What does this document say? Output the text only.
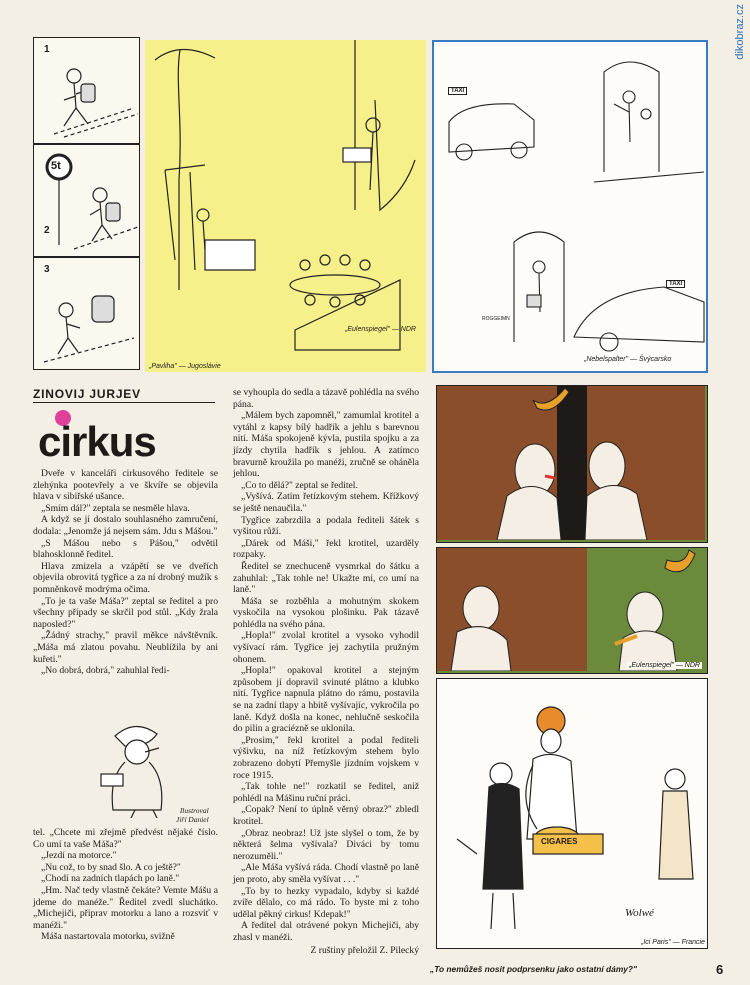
dikobraz.cz
1
2
5t
3
„Pavliha" — Jugoslávie
„Eulenspiegel" — NDR
TAXI
TAXI
ROGGEIMN
„Nebelspalter" — Švýcarsko
ZINOVIJ JURJEV
cirkus

Dveře v kanceláři cirkusového ředitele se zlehýnka pootevřely a ve škvíře se objevila hlava v sibiřské ušance.

„Smím dál?" zeptala se nesměle hlava.

A když se jí dostalo souhlasného zamručení, dodala: „Jenomže já nejsem sám. Jdu s Mášou."

„S Mášou nebo s Pášou," odvětil blahosklonně ředitel.

Hlava zmizela a vzápětí se ve dveřích objevila obrovitá tygřice a za ní drobný mužík s pomněnkově modrýma očima.

„To je ta vaše Máša?" zeptal se ředitel a pro všechny případy se skrčil pod stůl. „Kdy žrala naposled?"

„Žádný strachy," pravil měkce návštěvník. „Máša má zlatou povahu. Neublížila by ani kuřeti."

„No dobrá, dobrá," zahuhlal ředi-

Ilustroval
Jiří Daniel

tel. „Chcete mi zřejmě předvést nějaké číslo. Co umí ta vaše Máša?"

„Jezdí na motorce."

„Nu což, to by snad šlo. A co ještě?"

„Chodí na zadních tlapách po laně."

„Hm. Nač tedy vlastně čekáte? Vemte Mášu a jdeme do manéže." Ředitel zvedl sluchátko. „Michejiči, připrav motorku a lano a rozsviť v manéži."

Máša nastartovala motorku, svižně

se vyhoupla do sedla a tázavě pohlédla na svého pána.

„Málem bych zapomněl," zamumlal krotitel a vytáhl z kapsy bílý hadřík a jehlu s barevnou nití. Máša spokojeně kývla, pustila spojku a za jízdy chytila hadřík s jehlou. A zatímco bravurně kroužila po manéži, zručně se oháněla jehlou.

„Co to dělá?" zeptal se ředitel.

„Vyšívá. Zatím řetízkovým stehem. Křížkový se ještě nenaučila."

Tygřice zabrzdila a podala řediteli šátek s vyšitou růží.

„Dárek od Máši," řekl krotitel, uzarděly rozpaky.

Ředitel se znechuceně vysmrkal do šátku a zahuhlal: „Tak tohle ne! Ukažte mi, co umí na laně."

Máša se rozběhla a mohutným skokem vyskočila na vysokou plošinku. Pak tázavě pohlédla na svého pána.

„Hopla!" zvolal krotitel a vysoko vyhodil vyšívací rám. Tygřice jej zachytila pružným ohonem.

„Hopla!" opakoval krotitel a stejným způsobem jí dopravil svinuté plátno a klubko nití. Tygřice napnula plátno do rámu, postavila se na zadní tlapy a hbitě vyšívajíc, vykročila po laně. Když došla na konec, nehlučně seskočila do pilin a graciézně se uklonila.

„Prosim," řekl krotitel a podal řediteli výšivku, na níž řetízkovým stehem bylo zobrazeno dobytí Přemyšle jízdním vojskem v roce 1915.

„Tak tohle ne!" rozkatil se ředitel, aniž pohlédl na Mášinu ruční práci.

„Copak? Není to úplně věrný obraz?" zbledl krotitel.

„Obraz neobraz! Už jste slyšel o tom, že by některá šelma vyšívala? Diváci by tomu nerozuměli."

„Ale Máša vyšívá ráda. Chodí vlastně po laně jen proto, aby směla vyšívat . . ."

„To by to hezky vypadalo, kdyby si každé zvíře dělalo, co má rádo. To byste mi z toho udělal pěkný cirkus! Kdepak!"

A ředitel dal otrávené pokyn Michejiči, aby zhasl v manéži.

Z ruštiny přeložil Z. Pilecký
„Eulenspiegel" — NDR
CIGARES
Wolwé
„Ici Paris" — Francie
„To nemůžeš nosit podprsenku jako ostatní dámy?"	6
